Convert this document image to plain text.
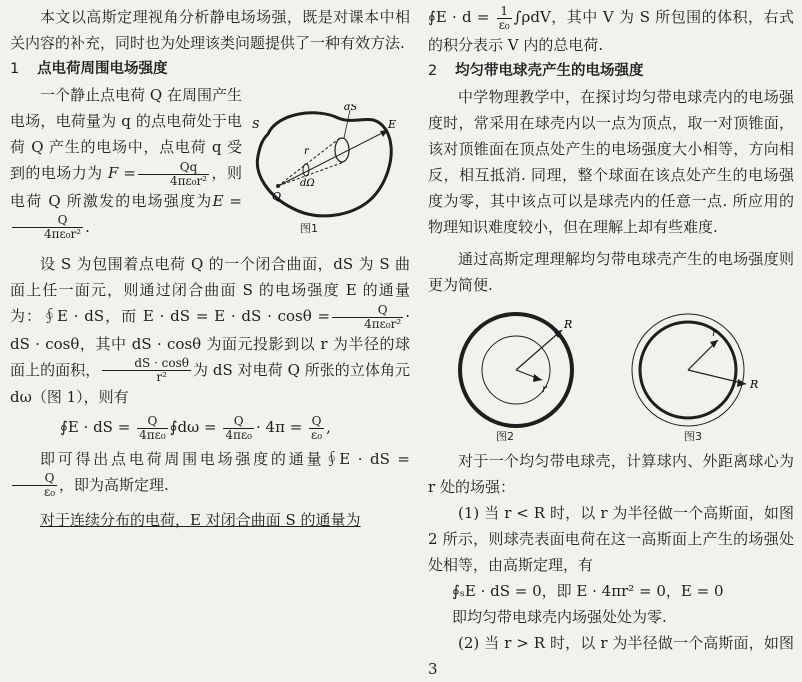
本文以高斯定理视角分析静电场场强，既是对课本中相关内容的补充，同时也为处理该类问题提供了一种有效方法.

1 点电荷周围电场强度

一个静止点电荷 Q 在周围产生电场，电荷量为 q 的点电荷处于电荷 Q 产生的电场中，点电荷 q 受到的电场力为 $F = \frac{Qq}{\text{4πε₀r²}}$ ，则电荷 Q 所激发的电场强度为E =
$\frac{Q}{\text{4πε₀r²}}$ .

设 S 为包围着点电荷 Q 的一个闭合曲面，dS 为 S 曲面上任一面元，则通过闭合曲面 S 的电场强度 E 的通量为：∮E · dS，而 E · dS = E · dS · $\cos\theta = \frac{Q}{\text{4πε₀r²}}$ · dS · cosθ，其中 dS · cosθ 为面元投影到以 r 为半径的球面上的面积， $\frac{dS \cdot \cos\theta}{\text{r²}}$ 为 dS 对电荷 Q 所张的立体角元 dω（图 1），则有

∮E · dS = $\frac{Q}{\text{4πε₀}}$ ∮dω = $\frac{Q}{\text{4πε₀}} \cdot 4\pi = \frac{Q}{\text{ε₀}}$ ,

即可得出点电荷周围电场强度的通量∮E · dS =
$\frac{Q}{\text{ε₀}}$ ，即为高斯定理.

对于连续分布的电荷，E 对闭合曲面 S 的通量为

S
dS
E
r
Q
dΩ
图1

∮E · $d = \frac{1}{\text{ε₀}} \int\rho dV$，其中 V 为 S 所包围的体积，右式的积分表示 V 内的总电荷.

2 均匀带电球壳产生的电场强度

中学物理教学中，在探讨均匀带电球壳内的电场强度时，常采用在球壳内以一点为顶点，取一对顶锥面，该对顶锥面在顶点处产生的电场强度大小相等，方向相反，相互抵消. 同理，整个球面在该点处产生的电场强度为零，其中该点可以是球壳内的任意一点. 所应用的物理知识难度较小，但在理解上却有些难度.

通过高斯定理理解均匀带电球壳产生的电场强度则更为简便.

对于一个均匀带电球壳，计算球内、外距离球心为 r 处的场强：

(1) 当 r < R 时，以 r 为半径做一个高斯面，如图 2 所示，则球壳表面电荷在这一高斯面上产生的场强处处相等，由高斯定理，有

∮ₛE · dS = 0，即 E · 4πr² = 0，E = 0

即均匀带电球壳内场强处处为零.

(2) 当 r > R 时，以 r 为半径做一个高斯面，如图 3

R
r
图2
r
R
图3
